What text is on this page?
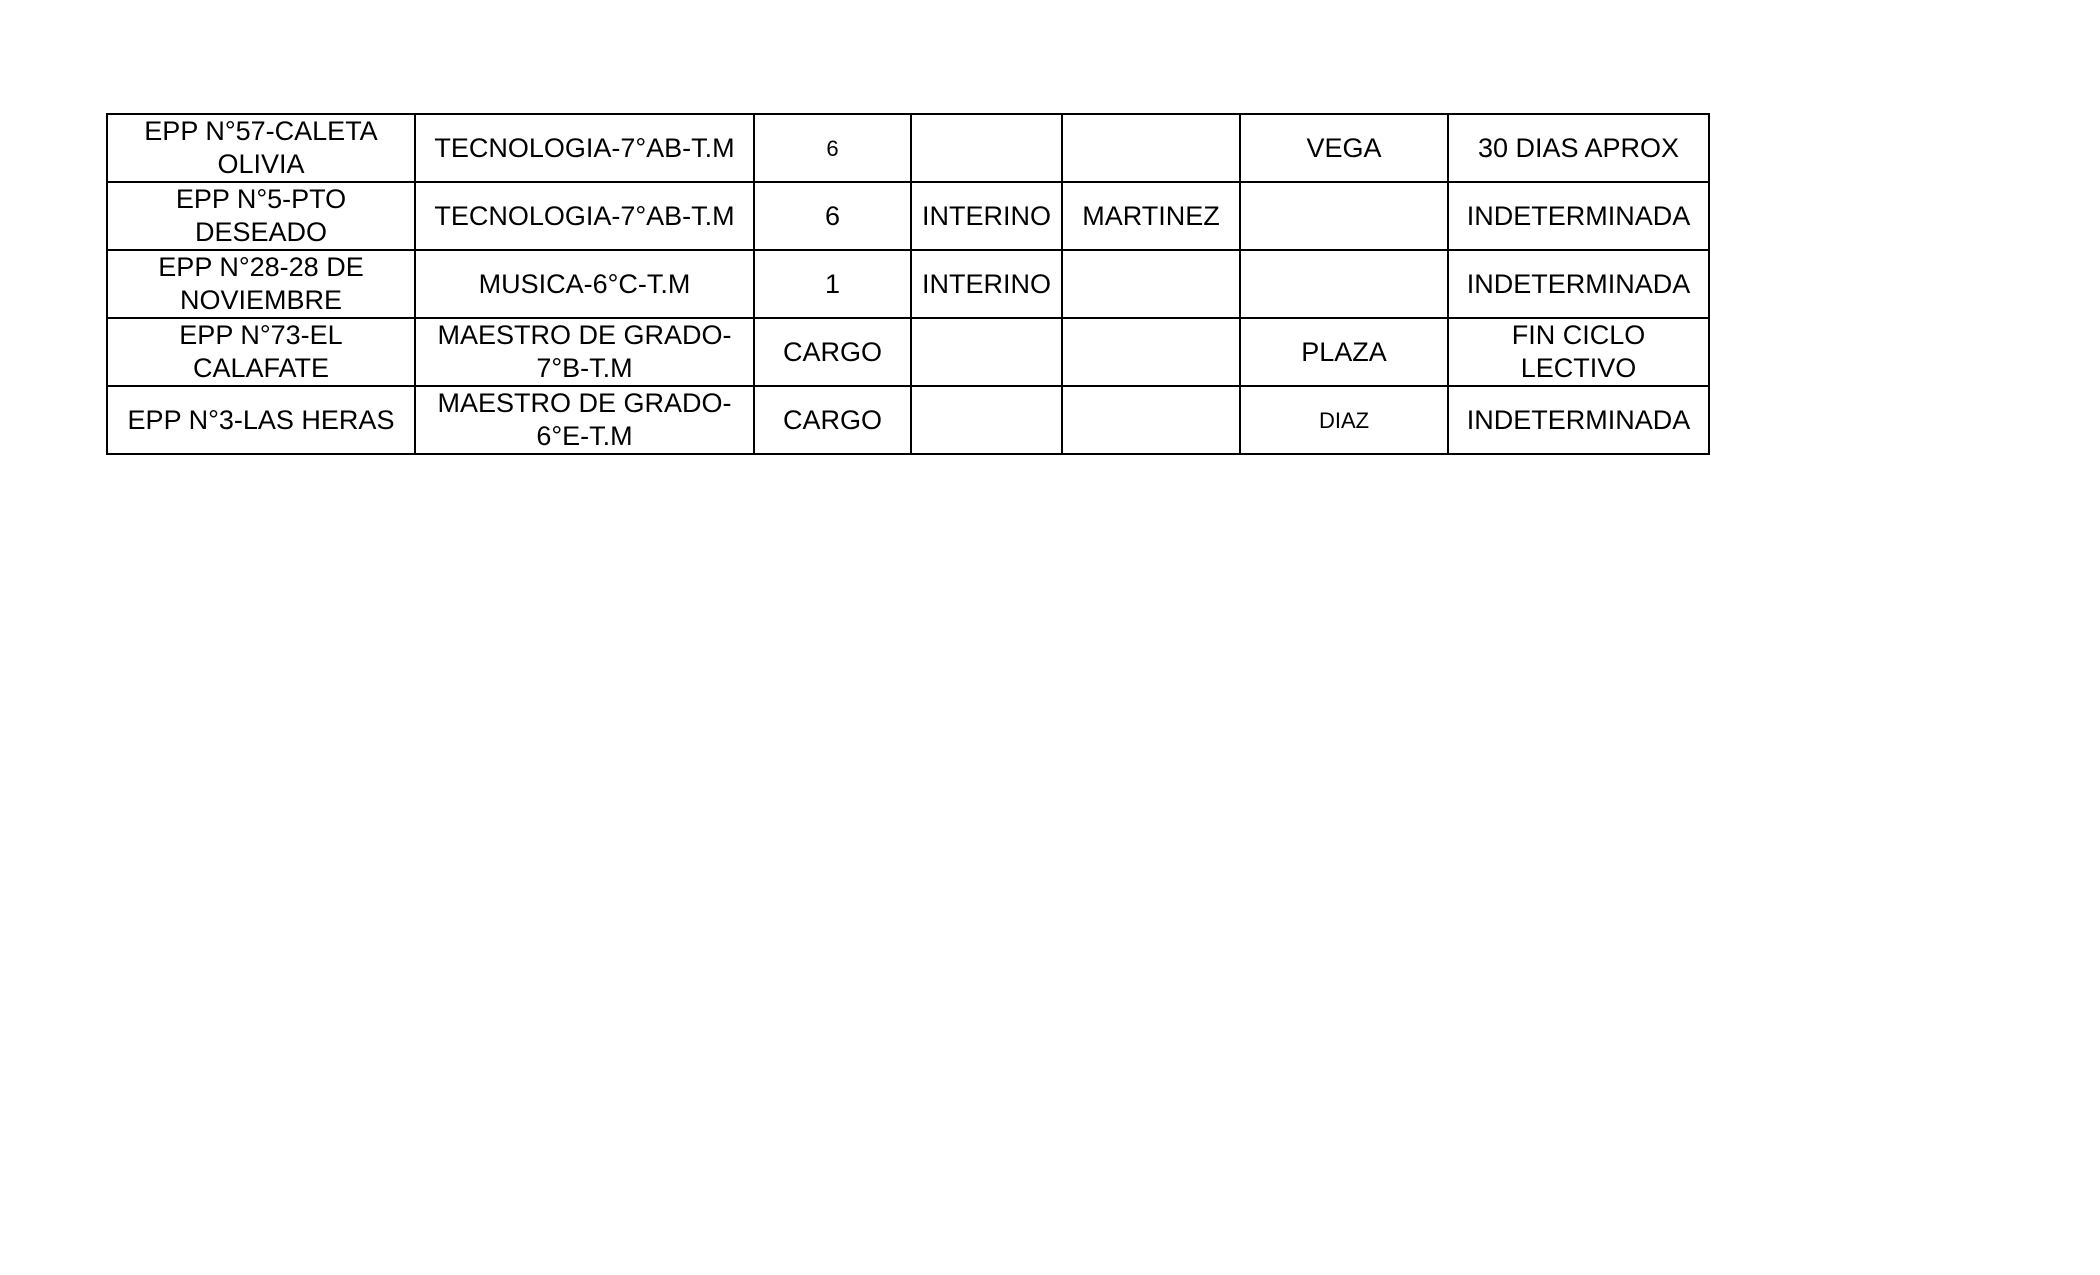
EPP N°57-CALETA OLIVIA	TECNOLOGIA-7°AB-T.M	6			VEGA	30 DIAS APROX
EPP N°5-PTO DESEADO	TECNOLOGIA-7°AB-T.M	6	INTERINO	MARTINEZ		INDETERMINADA
EPP N°28-28 DE NOVIEMBRE	MUSICA-6°C-T.M	1	INTERINO			INDETERMINADA
EPP N°73-EL CALAFATE	MAESTRO DE GRADO-7°B-T.M	CARGO			PLAZA	FIN CICLO LECTIVO
EPP N°3-LAS HERAS	MAESTRO DE GRADO-6°E-T.M	CARGO			DIAZ	INDETERMINADA
